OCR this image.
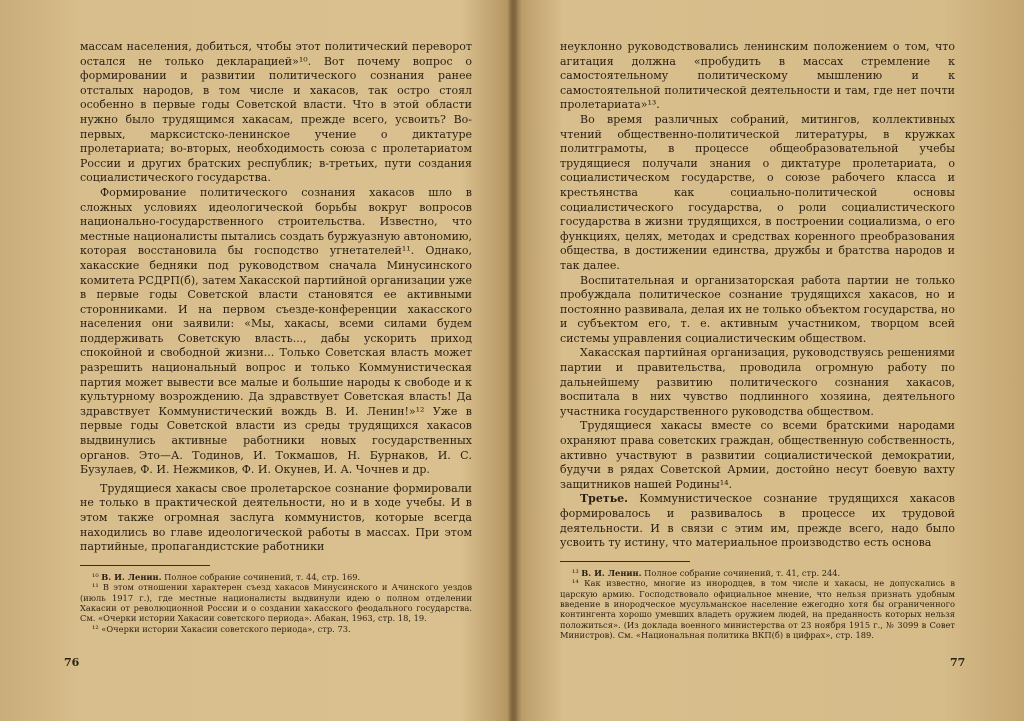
массам населения, добиться, чтобы этот политический переворот остался не только декларацией»¹⁰. Вот почему вопрос о формировании и развитии политического сознания ранее отсталых народов, в том числе и хакасов, так остро стоял особенно в первые годы Советской власти. Что в этой области нужно было трудящимся хакасам, прежде всего, усвоить? Во-первых, марксистско-ленинское учение о диктатуре пролетариата; во-вторых, необходимость союза с пролетариатом России и других братских республик; в-третьих, пути создания социалистического государства.

Формирование политического сознания хакасов шло в сложных условиях идеологической борьбы вокруг вопросов национально-государственного строительства. Известно, что местные националисты пытались создать буржуазную автономию, которая восстановила бы господство угнетателей¹¹. Однако, хакасские бедняки под руководством сначала Минусинского комитета РСДРП(б), затем Хакасской партийной организации уже в первые годы Советской власти становятся ее активными сторонниками. И на первом съезде-конференции хакасского населения они заявили: «Мы, хакасы, всеми силами будем поддерживать Советскую власть..., дабы ускорить приход спокойной и свободной жизни... Только Советская власть может разрешить национальный вопрос и только Коммунистическая партия может вывести все малые и большие народы к свободе и к культурному возрождению. Да здравствует Советская власть! Да здравствует Коммунистический вождь В. И. Ленин!»¹² Уже в первые годы Советской власти из среды трудящихся хакасов выдвинулись активные работники новых государственных органов. Это—А. Тодинов, И. Токмашов, Н. Бурнаков, И. С. Бузулаев, Ф. И. Нежмиков, Ф. И. Окунев, И. А. Чочнев и др.

Трудящиеся хакасы свое пролетарское сознание формировали не только в практической деятельности, но и в ходе учебы. И в этом также огромная заслуга коммунистов, которые всегда находились во главе идеологической работы в массах. При этом партийные, пропагандистские работники

¹⁰ В. И. Ленин. Полное собрание сочинений, т. 44, стр. 169.

¹¹ В этом отношении характерен съезд хакасов Минусинского и Ачинского уездов (июль 1917 г.), где местные националисты выдвинули идею о полном отделении Хакасии от революционной России и о создании хакасского феодального государства. См. «Очерки истории Хакасии советского периода». Абакан, 1963, стр. 18, 19.

¹² «Очерки истории Хакасии советского периода», стр. 73.

76

неуклонно руководствовались ленинским положением о том, что агитация должна «пробудить в массах стремление к самостоятельному политическому мышлению и к самостоятельной политической деятельности и там, где нет почти пролетариата»¹³.

Во время различных собраний, митингов, коллективных чтений общественно-политической литературы, в кружках политграмоты, в процессе общеобразовательной учебы трудящиеся получали знания о диктатуре пролетариата, о социалистическом государстве, о союзе рабочего класса и крестьянства как социально-политической основы социалистического государства, о роли социалистического государства в жизни трудящихся, в построении социализма, о его функциях, целях, методах и средствах коренного преобразования общества, в достижении единства, дружбы и братства народов и так далее.

Воспитательная и организаторская работа партии не только пробуждала политическое сознание трудящихся хакасов, но и постоянно развивала, делая их не только объектом государства, но и субъектом его, т. е. активным участником, творцом всей системы управления социалистическим обществом.

Хакасская партийная организация, руководствуясь решениями партии и правительства, проводила огромную работу по дальнейшему развитию политического сознания хакасов, воспитала в них чувство подлинного хозяина, деятельного участника государственного руководства обществом.

Трудящиеся хакасы вместе со всеми братскими народами охраняют права советских граждан, общественную собственность, активно участвуют в развитии социалистической демократии, будучи в рядах Советской Армии, достойно несут боевую вахту защитников нашей Родины¹⁴.

Третье. Коммунистическое сознание трудящихся хакасов формировалось и развивалось в процессе их трудовой деятельности. И в связи с этим им, прежде всего, надо было усвоить ту истину, что материальное производство есть основа

¹³ В. И. Ленин. Полное собрание сочинений, т. 41, стр. 244.

¹⁴ Как известно, многие из инородцев, в том числе и хакасы, не допускались в царскую армию. Господствовало официальное мнение, что нельзя признать удобным введение в инородческое мусульманское население ежегодно хотя бы ограниченного контингента хорошо умевших владеть оружием людей, на преданность которых нельзя положиться». (Из доклада военного министерства от 23 ноября 1915 г., № 3099 в Совет Министров). См. «Национальная политика ВКП(б) в цифрах», стр. 189.

77
